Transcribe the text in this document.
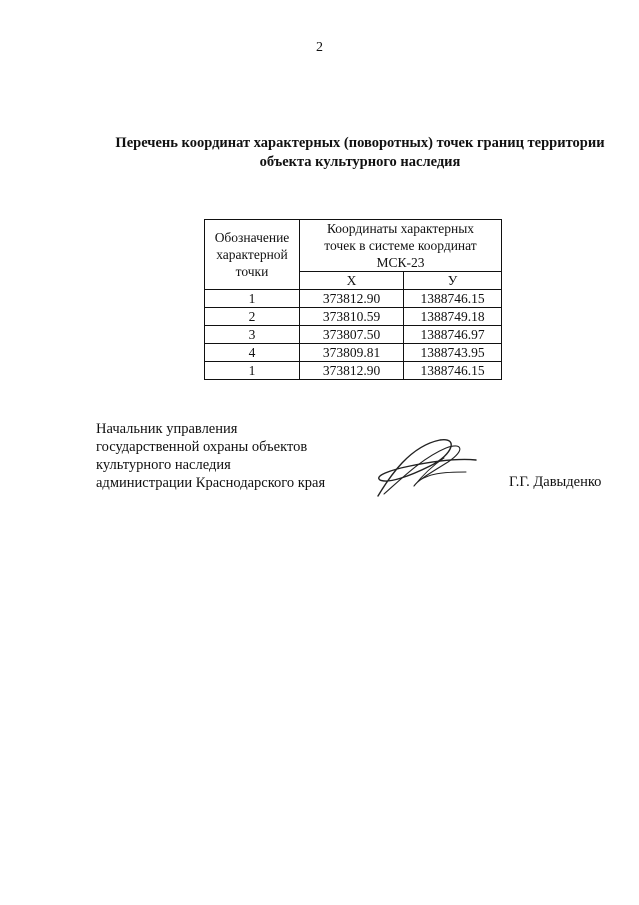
2
Перечень координат характерных (поворотных) точек границ территории
объекта культурного наследия
Обозначение
характерной
точки	Координаты характерных
точек в системе координат
МСК-23	
	Х	У
1	373812.90	1388746.15
2	373810.59	1388749.18
3	373807.50	1388746.97
4	373809.81	1388743.95
1	373812.90	1388746.15
Начальник управления
государственной охраны объектов
культурного наследия
администрации Краснодарского края	Г.Г. Давыденко
